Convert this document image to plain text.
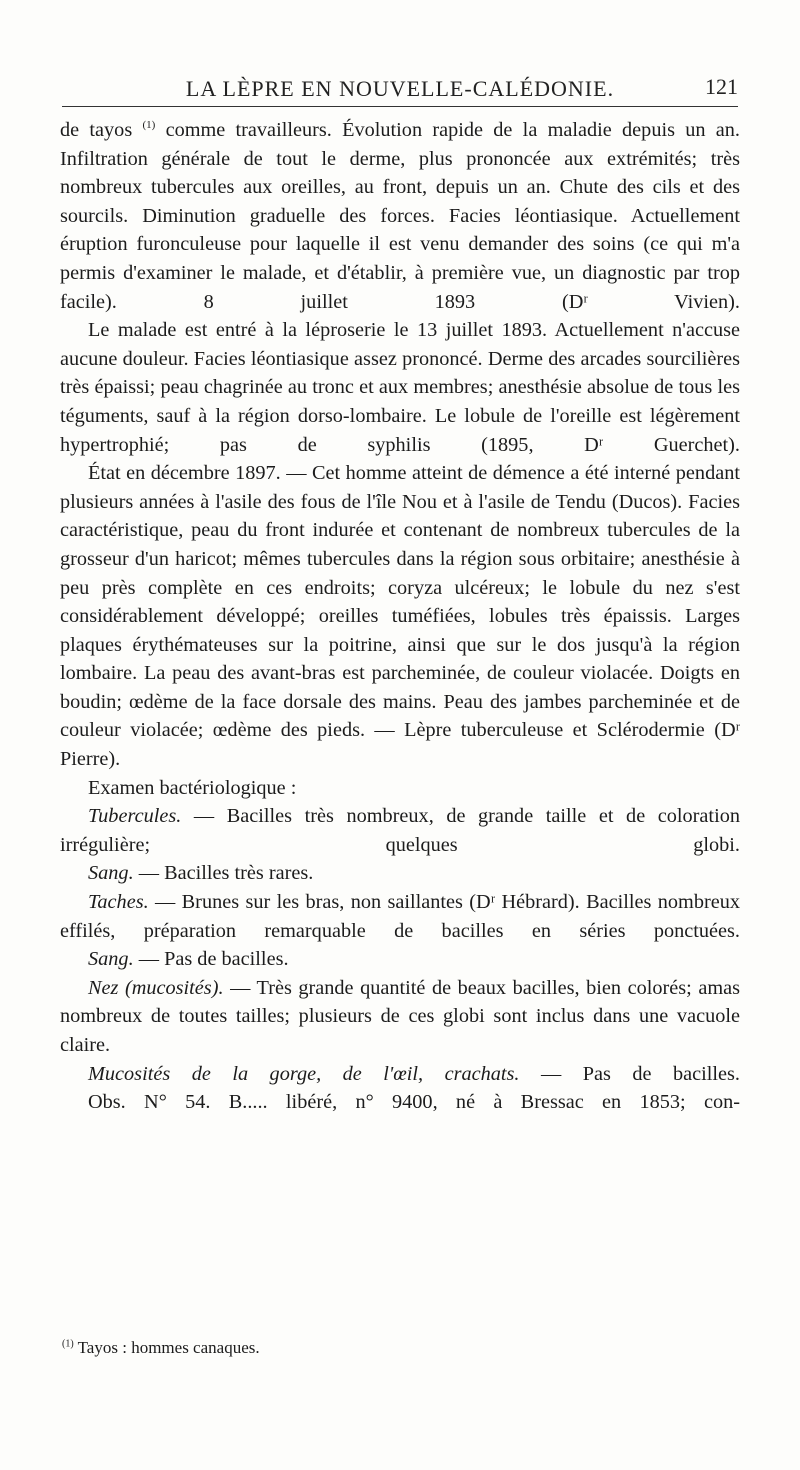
LA LÈPRE EN NOUVELLE-CALÉDONIE.	121

de tayos $^{(1)}$ comme travailleurs. Évolution rapide de la maladie depuis un an. Infiltration générale de tout le derme, plus prononcée aux extrémités; très nombreux tubercules aux oreilles, au front, depuis un an. Chute des cils et des sourcils. Diminution graduelle des forces. Facies léontiasique. Actuellement éruption furonculeuse pour laquelle il est venu demander des soins (ce qui m'a permis d'examiner le malade, et d'établir, à première vue, un diagnostic par trop facile). 8 juillet 1893 (Dʳ Vivien).

Le malade est entré à la léproserie le 13 juillet 1893. Actuellement n'accuse aucune douleur. Facies léontiasique assez prononcé. Derme des arcades sourcilières très épaissi; peau chagrinée au tronc et aux membres; anesthésie absolue de tous les téguments, sauf à la région dorso-lombaire. Le lobule de l'oreille est légèrement hypertrophié; pas de syphilis (1895, Dʳ Guerchet).

État en décembre 1897. — Cet homme atteint de démence a été interné pendant plusieurs années à l'asile des fous de l'île Nou et à l'asile de Tendu (Ducos). Facies caractéristique, peau du front indurée et contenant de nombreux tubercules de la grosseur d'un haricot; mêmes tubercules dans la région sous orbitaire; anesthésie à peu près complète en ces endroits; coryza ulcéreux; le lobule du nez s'est considérablement développé; oreilles tuméfiées, lobules très épaissis. Larges plaques érythémateuses sur la poitrine, ainsi que sur le dos jusqu'à la région lombaire. La peau des avant-bras est parcheminée, de couleur violacée. Doigts en boudin; œdème de la face dorsale des mains. Peau des jambes parcheminée et de couleur violacée; œdème des pieds. — Lèpre tuberculeuse et Sclérodermie (Dʳ Pierre).

Examen bactériologique :

Tubercules. — Bacilles très nombreux, de grande taille et de coloration irrégulière; quelques globi.

Sang. — Bacilles très rares.

Taches. — Brunes sur les bras, non saillantes (Dʳ Hébrard). Bacilles nombreux effilés, préparation remarquable de bacilles en séries ponctuées.

Sang. — Pas de bacilles.

Nez (mucosités). — Très grande quantité de beaux bacilles, bien colorés; amas nombreux de toutes tailles; plusieurs de ces globi sont inclus dans une vacuole claire.

Mucosités de la gorge, de l'œil, crachats. — Pas de bacilles.

Obs. N° 54. B..... libéré, n° 9400, né à Bressac en 1853; con-

$^{(1)}$ Tayos : hommes canaques.
